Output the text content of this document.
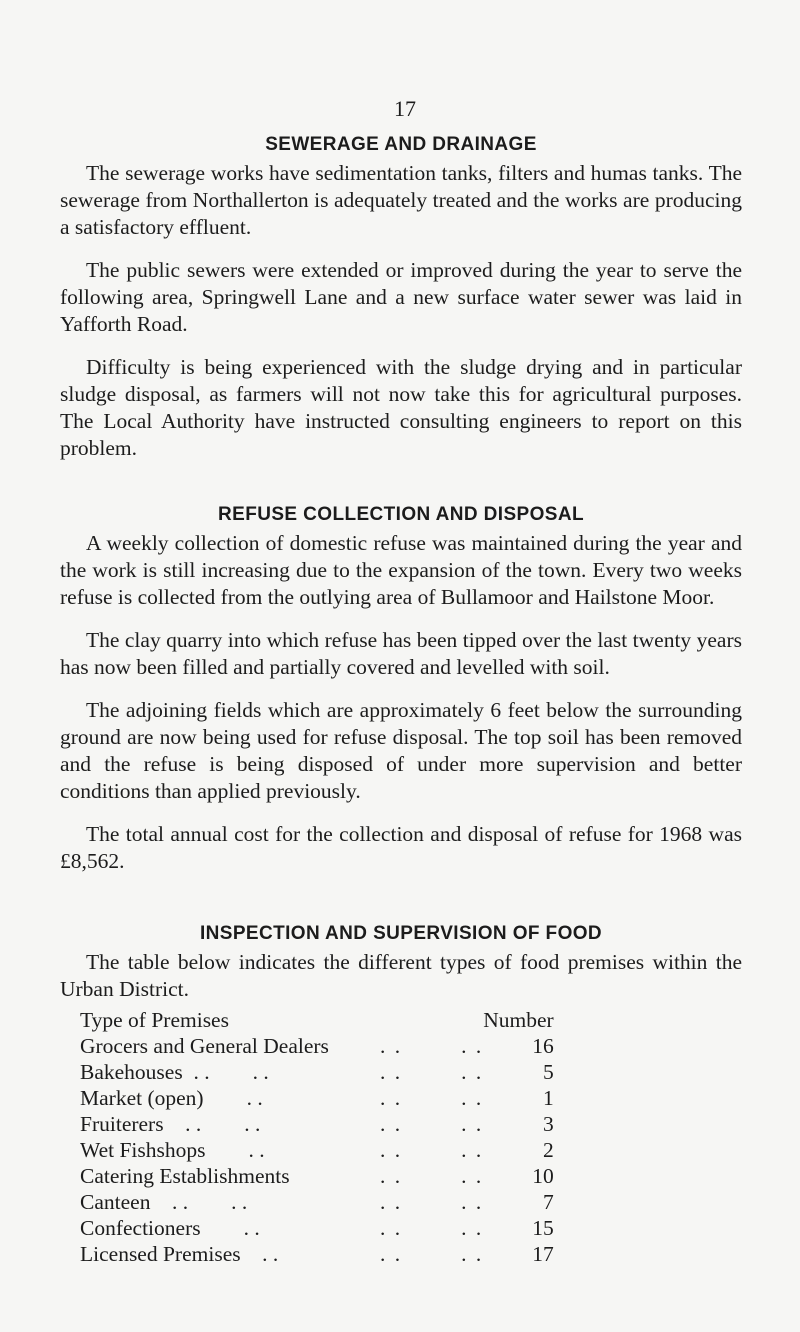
17
SEWERAGE AND DRAINAGE

The sewerage works have sedimentation tanks, filters and humas tanks. The sewerage from Northallerton is adequately treated and the works are producing a satisfactory effluent.

The public sewers were extended or improved during the year to serve the following area, Springwell Lane and a new surface water sewer was laid in Yafforth Road.

Difficulty is being experienced with the sludge drying and in particular sludge disposal, as farmers will not now take this for agricultural purposes. The Local Authority have instructed consulting engineers to report on this problem.

REFUSE COLLECTION AND DISPOSAL

A weekly collection of domestic refuse was maintained during the year and the work is still increasing due to the expansion of the town. Every two weeks refuse is collected from the outlying area of Bullamoor and Hailstone Moor.

The clay quarry into which refuse has been tipped over the last twenty years has now been filled and partially covered and levelled with soil.

The adjoining fields which are approximately 6 feet below the surrounding ground are now being used for refuse disposal. The top soil has been removed and the refuse is being disposed of under more supervision and better conditions than applied previously.

The total annual cost for the collection and disposal of refuse for 1968 was £8,562.

INSPECTION AND SUPERVISION OF FOOD

The table below indicates the different types of food premises within the Urban District.

Type of Premises		Number
Grocers and General Dealers	. .        . .	16
Bakehouses  . .        . .	. .        . .	5
Market (open)        . .	. .        . .	1
Fruiterers    . .        . .	. .        . .	3
Wet Fishshops        . .	. .        . .	2
Catering Establishments	. .        . .	10
Canteen    . .        . .	. .        . .	7
Confectioners        . .	. .        . .	15
Licensed Premises    . .	. .        . .	17
